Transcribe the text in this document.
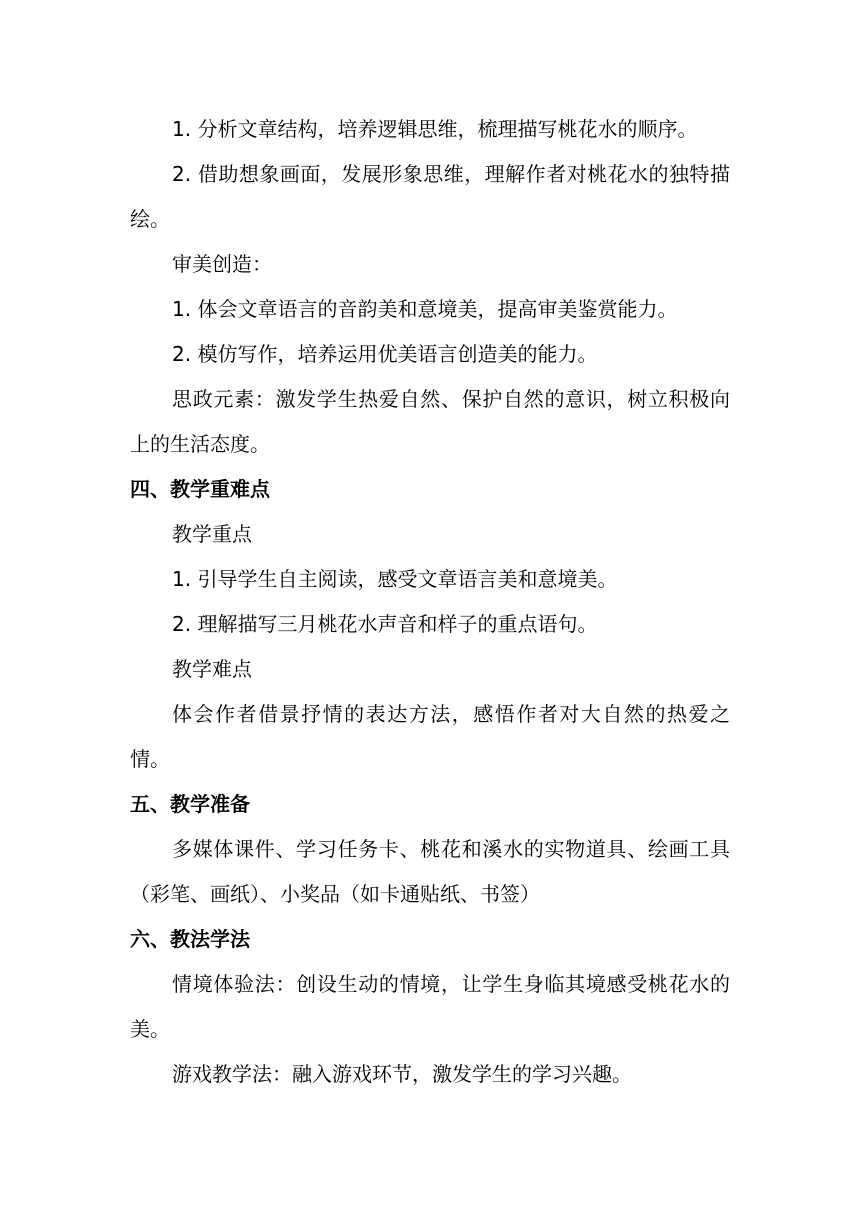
1. 分析文章结构，培养逻辑思维，梳理描写桃花水的顺序。

2. 借助想象画面，发展形象思维，理解作者对桃花水的独特描绘。

审美创造：

1. 体会文章语言的音韵美和意境美，提高审美鉴赏能力。

2. 模仿写作，培养运用优美语言创造美的能力。

思政元素：激发学生热爱自然、保护自然的意识，树立积极向上的生活态度。

四、教学重难点

教学重点

1. 引导学生自主阅读，感受文章语言美和意境美。

2. 理解描写三月桃花水声音和样子的重点语句。

教学难点

体会作者借景抒情的表达方法，感悟作者对大自然的热爱之情。

五、教学准备

多媒体课件、学习任务卡、桃花和溪水的实物道具、绘画工具（彩笔、画纸）、小奖品（如卡通贴纸、书签）

六、教法学法

情境体验法：创设生动的情境，让学生身临其境感受桃花水的美。

游戏教学法：融入游戏环节，激发学生的学习兴趣。
